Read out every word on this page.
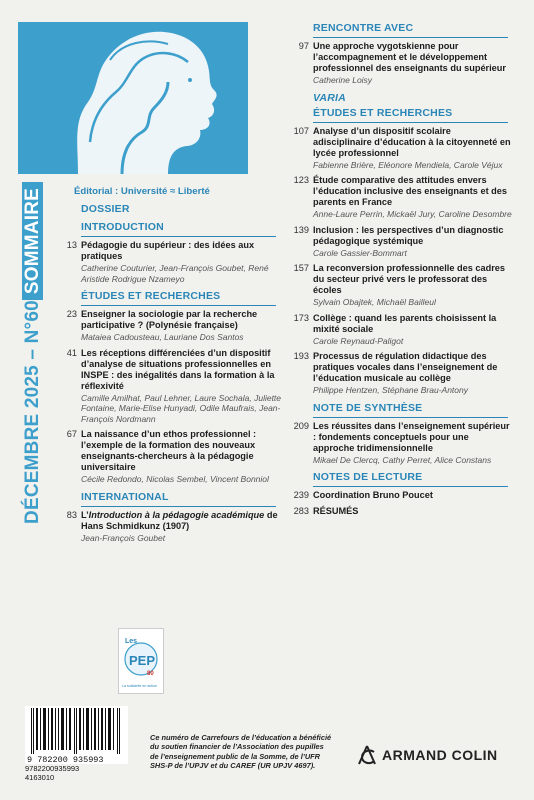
DÉCEMBRE 2025 – N°60SOMMAIRE	Éditorial : Université ≈ Liberté
DOSSIER
INTRODUCTION
13 Pédagogie du supérieur : des idées aux pratiques
Catherine Couturier, Jean-François Goubet, René Aristide Rodrigue Nzameyo
ÉTUDES ET RECHERCHES
23 Enseigner la sociologie par la recherche participative ? (Polynésie française)
Mataiea Cadousteau, Lauriane Dos Santos
41 Les réceptions différenciées d’un dispositif d’analyse de situations professionnelles en INSPE : des inégalités dans la formation à la réflexivité
Camille Amilhat, Paul Lehner, Laure Sochala, Juliette Fontaine, Marie-Elise Hunyadi, Odile Maufrais, Jean-François Nordmann
67 La naissance d’un ethos professionnel : l’exemple de la formation des nouveaux enseignants-chercheurs à la pédagogie universitaire
Cécile Redondo, Nicolas Sembel, Vincent Bonniol
INTERNATIONAL
83 L’Introduction à la pédagogie académique de Hans Schmidkunz (1907)
Jean-François Goubet
RENCONTRE AVEC
97 Une approche vygotskienne pour l’accompagnement et le développement professionnel des enseignants du supérieur
Catherine Loisy
VARIA
ÉTUDES ET RECHERCHES
107 Analyse d’un dispositif scolaire adisciplinaire d’éducation à la citoyenneté en lycée professionnel
Fabienne Brière, Eléonore Mendiela, Carole Véjux
123 Étude comparative des attitudes envers l’éducation inclusive des enseignants et des parents en France
Anne-Laure Perrin, Mickaël Jury, Caroline Desombre
139 Inclusion : les perspectives d’un diagnostic pédagogique systémique
Carole Gassier-Bommart
157 La reconversion professionnelle des cadres du secteur privé vers le professorat des écoles
Sylvain Obajtek, Michaël Bailleul
173 Collège : quand les parents choisissent la mixité sociale
Carole Reynaud-Paligot
193 Processus de régulation didactique des pratiques vocales dans l’enseignement de l’éducation musicale au collège
Philippe Hentzen, Stéphane Brau-Antony
NOTE DE SYNTHÈSE
209 Les réussites dans l’enseignement supérieur : fondements conceptuels pour une approche tridimensionnelle
Mikael De Clercq, Cathy Perret, Alice Constans
NOTES DE LECTURE
239 Coordination Bruno Poucet
283 RÉSUMÉS
Les
PEP
80
La solidarité en action
9 782200 935993
9782200935993
4163010
Ce numéro de Carrefours de l’éducation a bénéficié du soutien financier de l’Association des pupilles de l’enseignement public de la Somme, de l’UFR SHS-P de l’UPJV et du CAREF (UR UPJV 4697).
ARMAND COLIN
